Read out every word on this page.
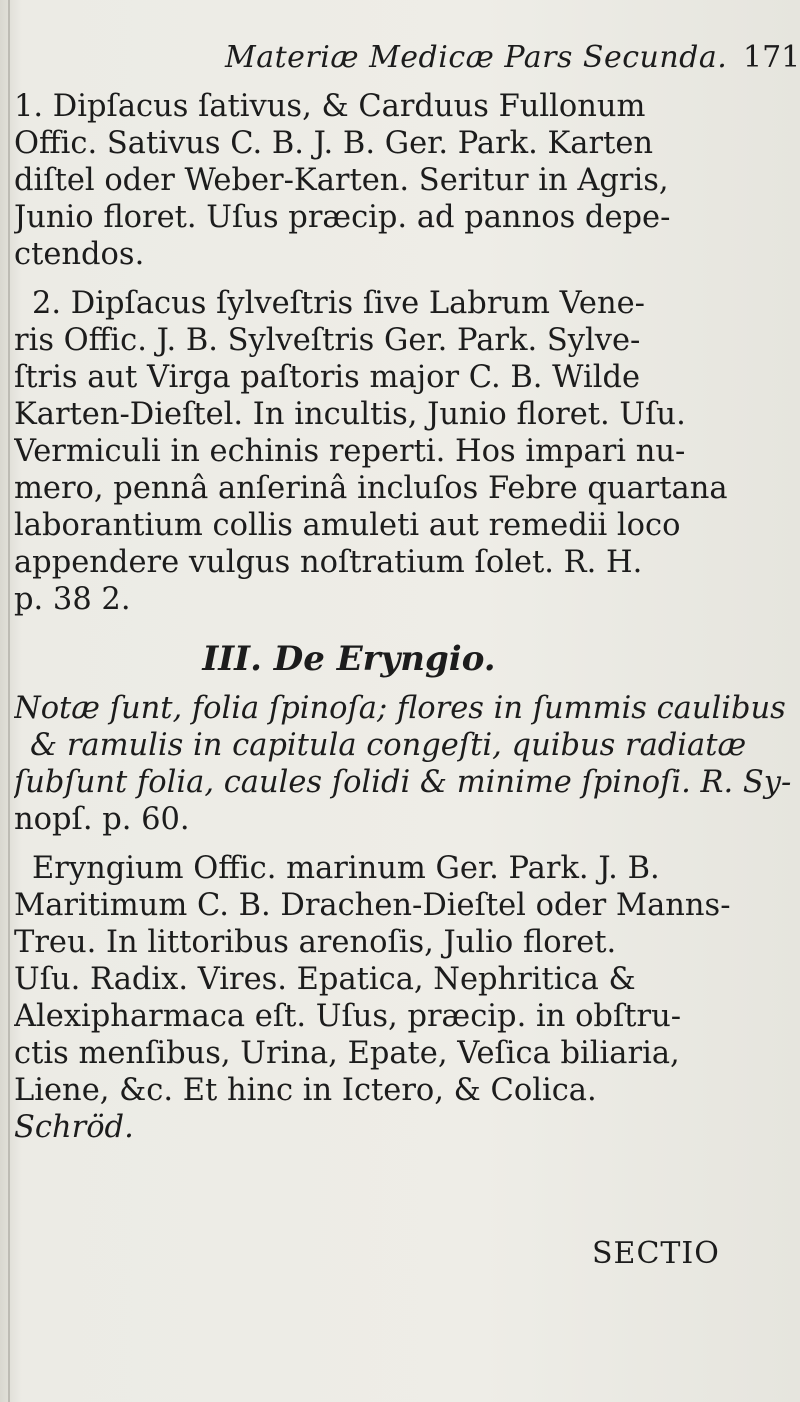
Materiæ Medicæ Pars Secunda. 171
1. Dipſacus ſativus, & Carduus Fullonum
Offic. Sativus C. B. J. B. Ger. Park. Karten
diſtel oder Weber-Karten. Seritur in Agris,
Junio floret. Uſus præcip. ad pannos depe-
ctendos.
2. Dipſacus ſylveſtris ſive Labrum Vene-
ris Offic. J. B. Sylveſtris Ger. Park. Sylve-
ſtris aut Virga paſtoris major C. B. Wilde
Karten-Dieſtel. In incultis, Junio floret. Uſu.
Vermiculi in echinis reperti. Hos impari nu-
mero, pennâ anſerinâ incluſos Febre quartana
laborantium collis amuleti aut remedii loco
appendere vulgus noſtratium ſolet. R. H.
p. 38 2.
III. De Eryngio.
Notæ ſunt, folia ſpinoſa; flores in ſummis caulibus
& ramulis in capitula congeſti, quibus radiatæ
ſubſunt folia, caules ſolidi & minime ſpinoſi. R. Sy-
nopſ. p. 60.
Eryngium Offic. marinum Ger. Park. J. B.
Maritimum C. B. Drachen-Dieſtel oder Manns-
Treu. In littoribus arenoſis, Julio floret.
Uſu. Radix. Vires. Epatica, Nephritica &
Alexipharmaca eſt. Uſus, præcip. in obſtru-
ctis menſibus, Urina, Epate, Veſica biliaria,
Liene, &c. Et hinc in Ictero, & Colica.
Schröd.
SECTIO
